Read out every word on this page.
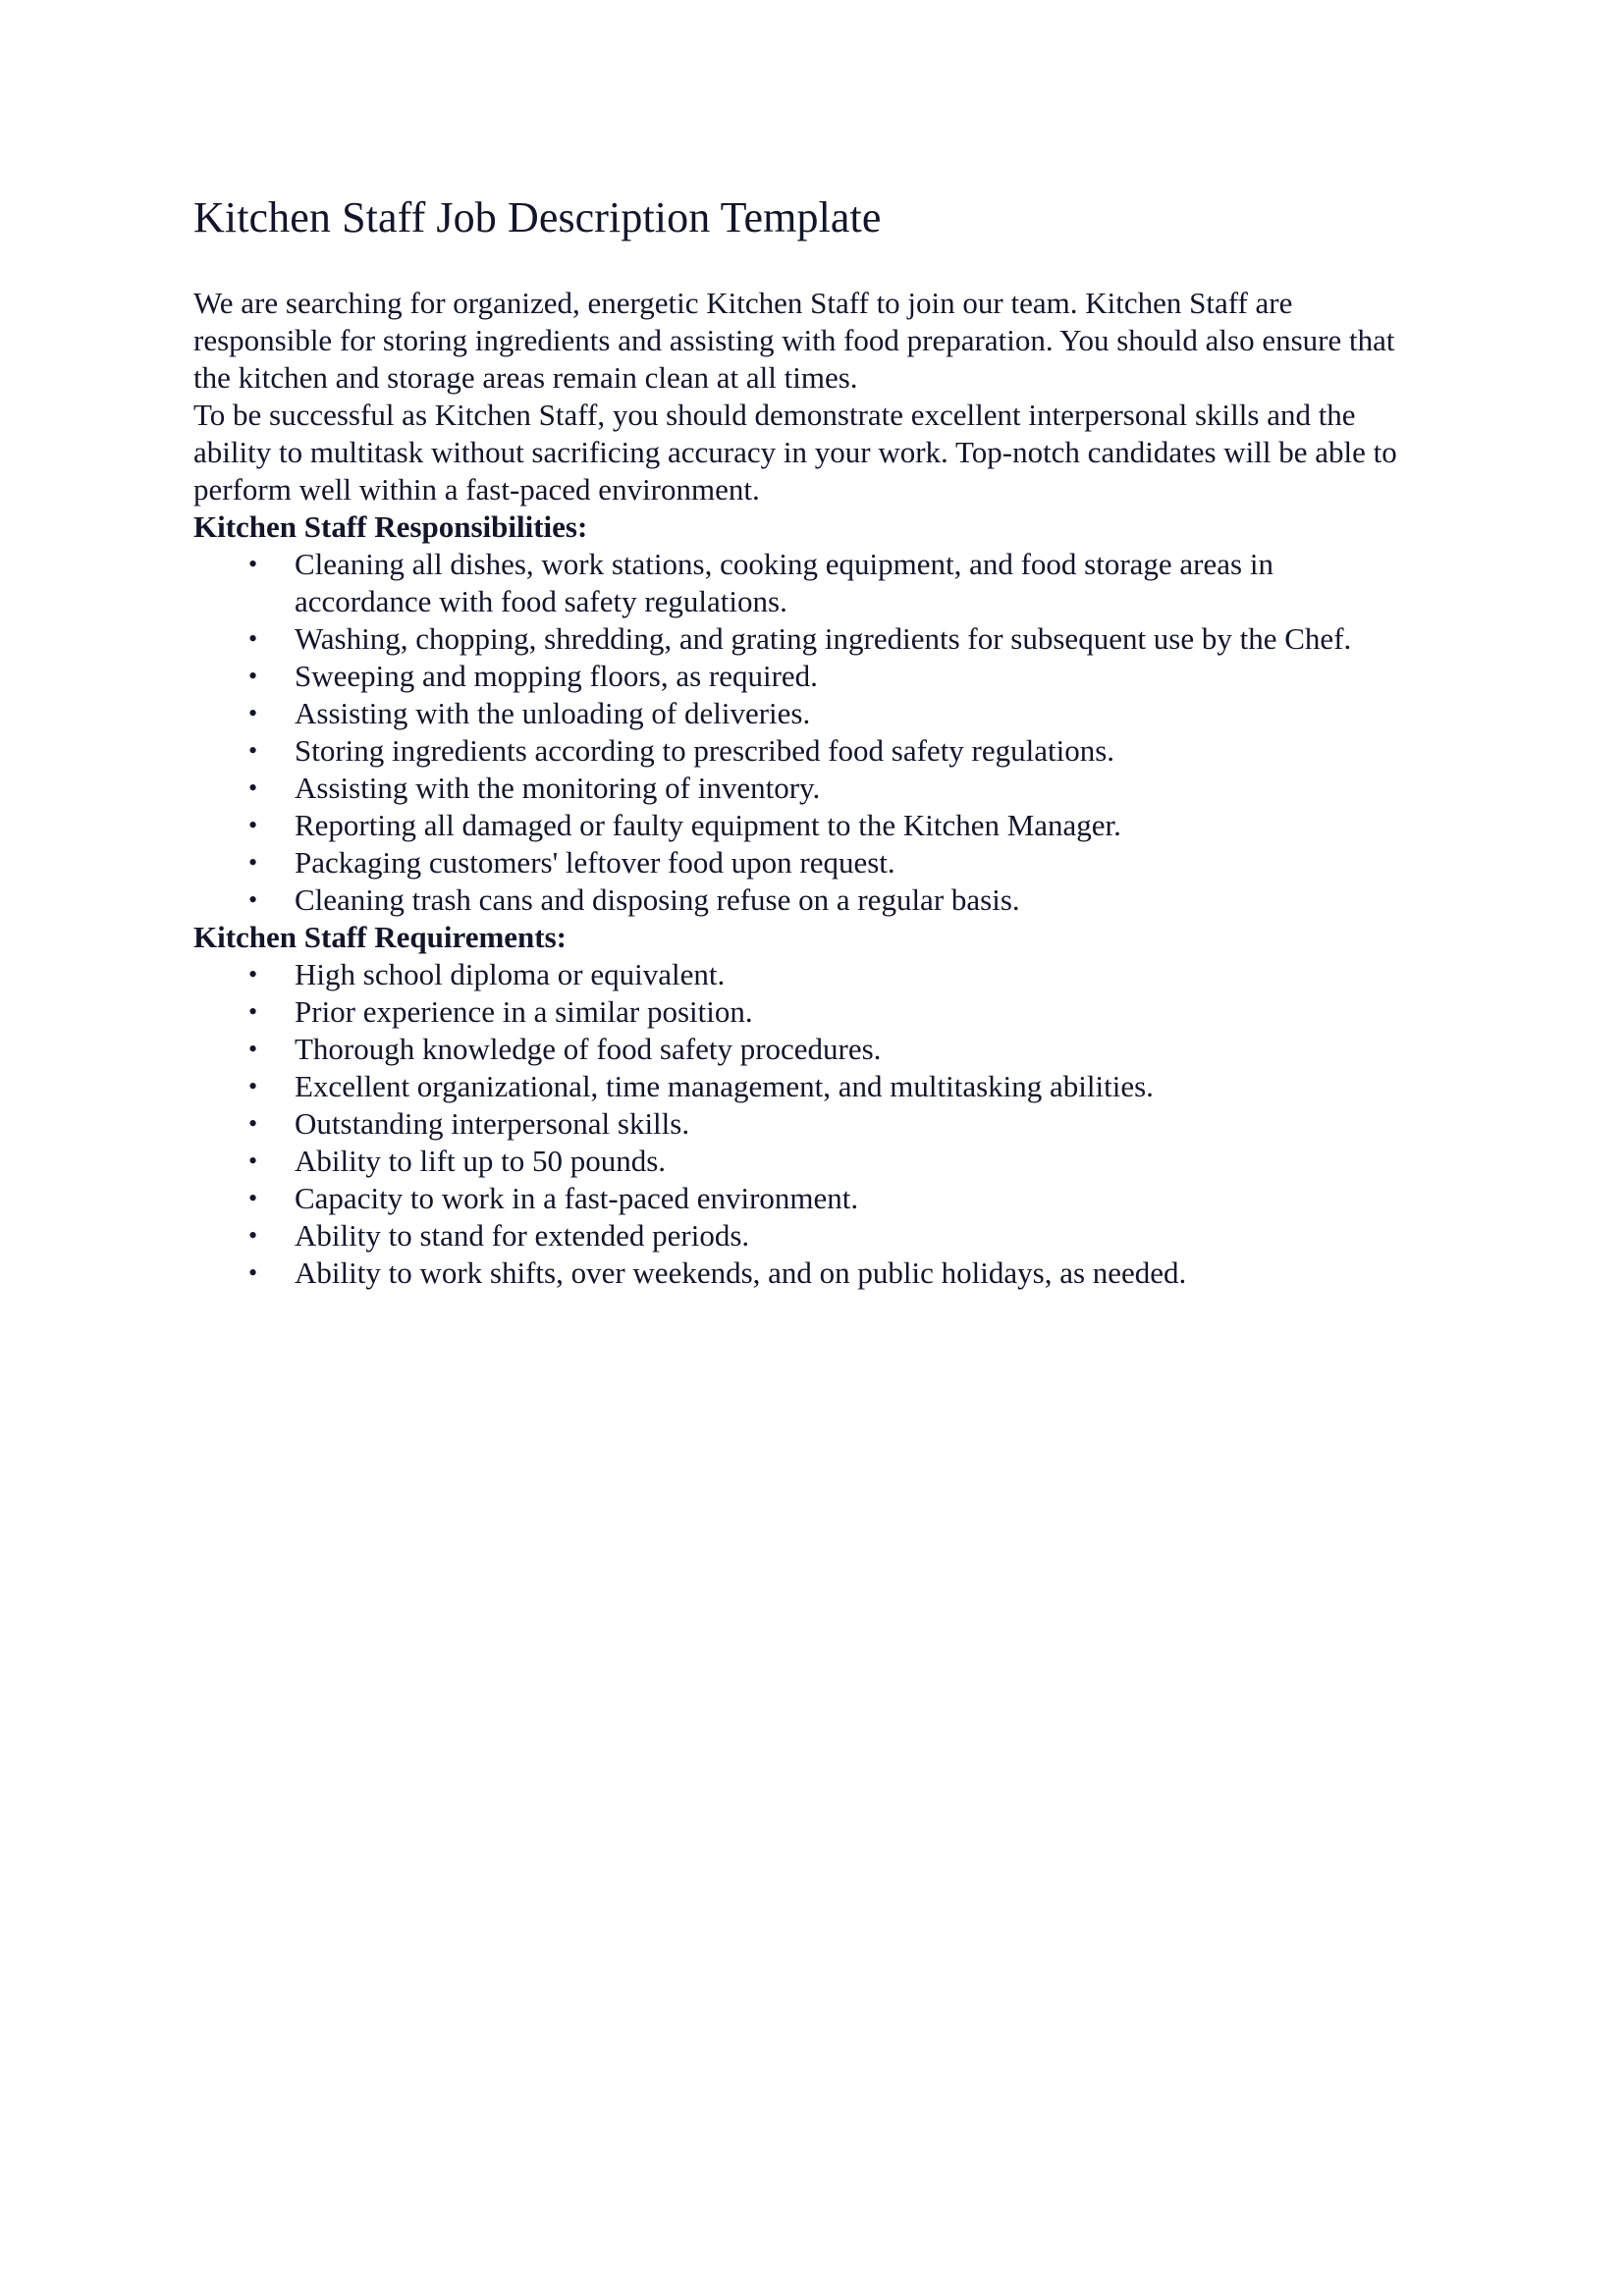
Kitchen Staff Job Description Template

We are searching for organized, energetic Kitchen Staff to join our team. Kitchen Staff are responsible for storing ingredients and assisting with food preparation. You should also ensure that the kitchen and storage areas remain clean at all times.

To be successful as Kitchen Staff, you should demonstrate excellent interpersonal skills and the ability to multitask without sacrificing accuracy in your work. Top-notch candidates will be able to perform well within a fast-paced environment.

Kitchen Staff Responsibilities:
• Cleaning all dishes, work stations, cooking equipment, and food storage areas in accordance with food safety regulations.
• Washing, chopping, shredding, and grating ingredients for subsequent use by the Chef.
• Sweeping and mopping floors, as required.
• Assisting with the unloading of deliveries.
• Storing ingredients according to prescribed food safety regulations.
• Assisting with the monitoring of inventory.
• Reporting all damaged or faulty equipment to the Kitchen Manager.
• Packaging customers' leftover food upon request.
• Cleaning trash cans and disposing refuse on a regular basis.
Kitchen Staff Requirements:
• High school diploma or equivalent.
• Prior experience in a similar position.
• Thorough knowledge of food safety procedures.
• Excellent organizational, time management, and multitasking abilities.
• Outstanding interpersonal skills.
• Ability to lift up to 50 pounds.
• Capacity to work in a fast-paced environment.
• Ability to stand for extended periods.
• Ability to work shifts, over weekends, and on public holidays, as needed.
